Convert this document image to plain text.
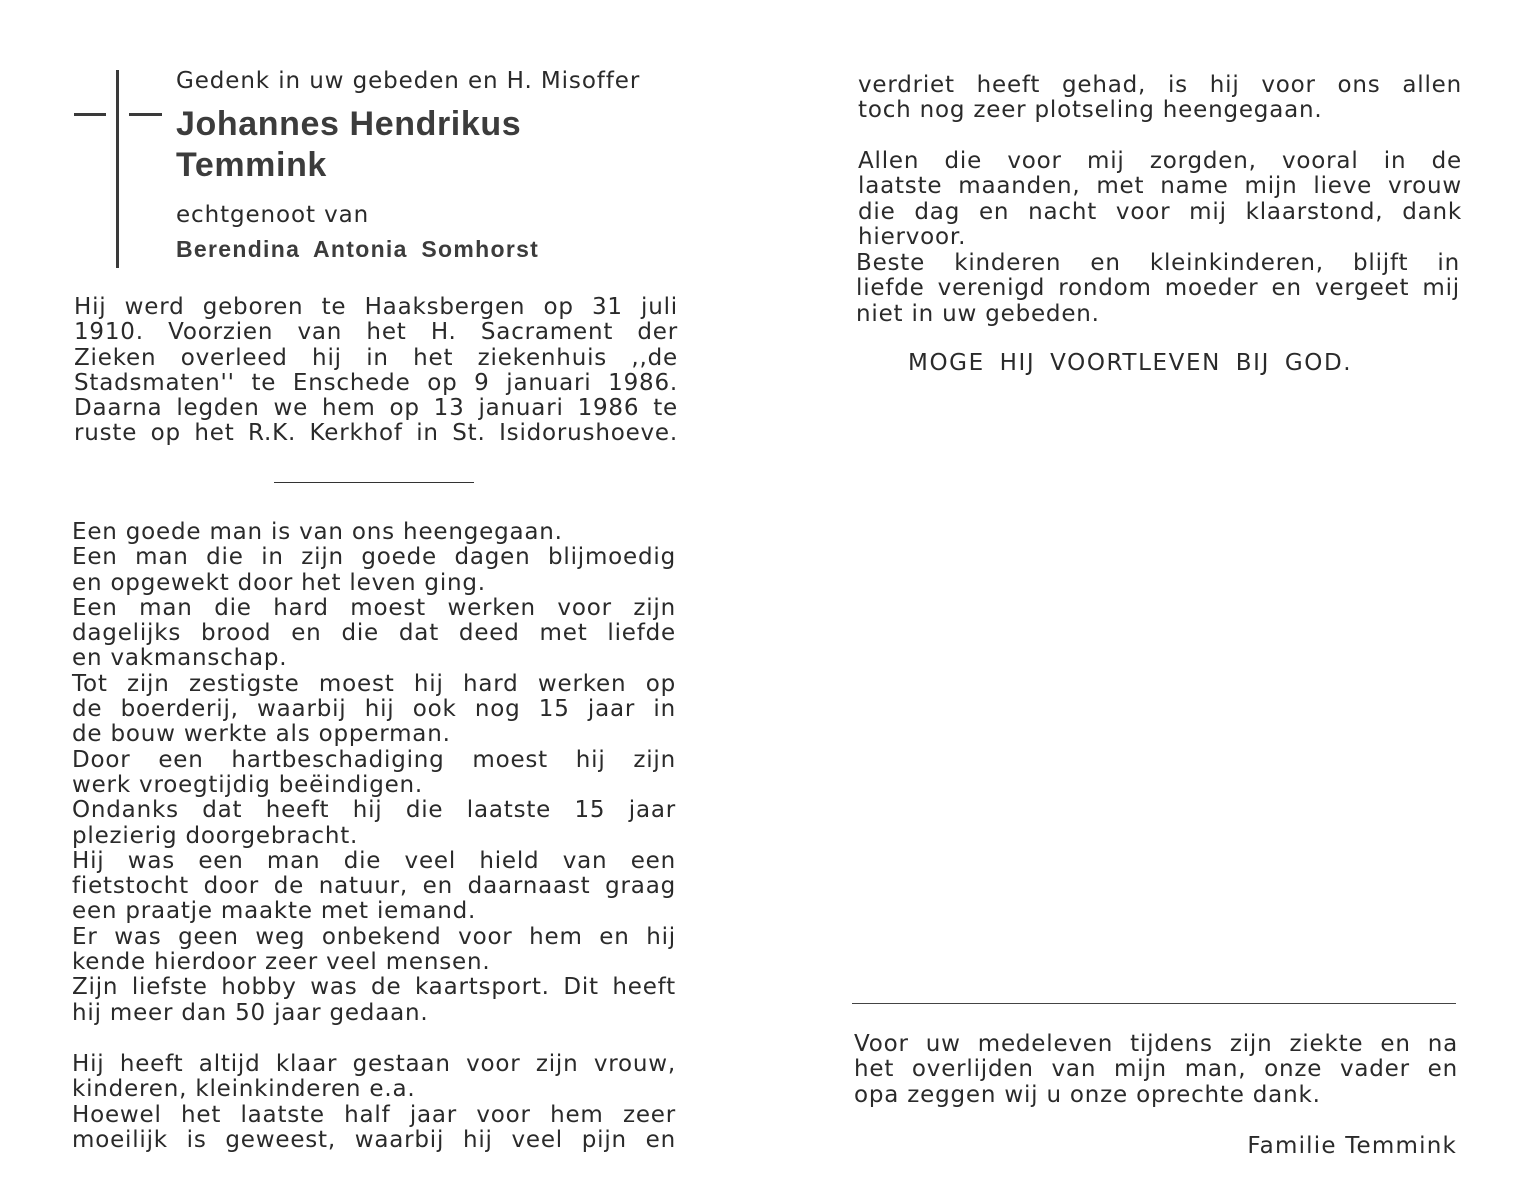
Gedenk in uw gebeden en H. Misoffer

Johannes Hendrikus

Temmink

echtgenoot van

Berendina Antonia Somhorst

Hij werd geboren te Haaksbergen op 31 juli
1910. Voorzien van het H. Sacrament der
Zieken overleed hij in het ziekenhuis ,,de
Stadsmaten'' te Enschede op 9 januari 1986.
Daarna legden we hem op 13 januari 1986 te
ruste op het R.K. Kerkhof in St. Isidorushoeve.
Een goede man is van ons heengegaan.
Een man die in zijn goede dagen blijmoedig
en opgewekt door het leven ging.
Een man die hard moest werken voor zijn
dagelijks brood en die dat deed met liefde
en vakmanschap.
Tot zijn zestigste moest hij hard werken op
de boerderij, waarbij hij ook nog 15 jaar in
de bouw werkte als opperman.
Door een hartbeschadiging moest hij zijn
werk vroegtijdig beëindigen.
Ondanks dat heeft hij die laatste 15 jaar
plezierig doorgebracht.
Hij was een man die veel hield van een
fietstocht door de natuur, en daarnaast graag
een praatje maakte met iemand.
Er was geen weg onbekend voor hem en hij
kende hierdoor zeer veel mensen.
Zijn liefste hobby was de kaartsport. Dit heeft
hij meer dan 50 jaar gedaan.
Hij heeft altijd klaar gestaan voor zijn vrouw,
kinderen, kleinkinderen e.a.
Hoewel het laatste half jaar voor hem zeer
moeilijk is geweest, waarbij hij veel pijn en
verdriet heeft gehad, is hij voor ons allen
toch nog zeer plotseling heengegaan.
Allen die voor mij zorgden, vooral in de
laatste maanden, met name mijn lieve vrouw
die dag en nacht voor mij klaarstond, dank
hiervoor.
Beste kinderen en kleinkinderen, blijft in
liefde verenigd rondom moeder en vergeet mij
niet in uw gebeden.

MOGE HIJ VOORTLEVEN BIJ GOD.

Voor uw medeleven tijdens zijn ziekte en na
het overlijden van mijn man, onze vader en
opa zeggen wij u onze oprechte dank.

Familie Temmink
